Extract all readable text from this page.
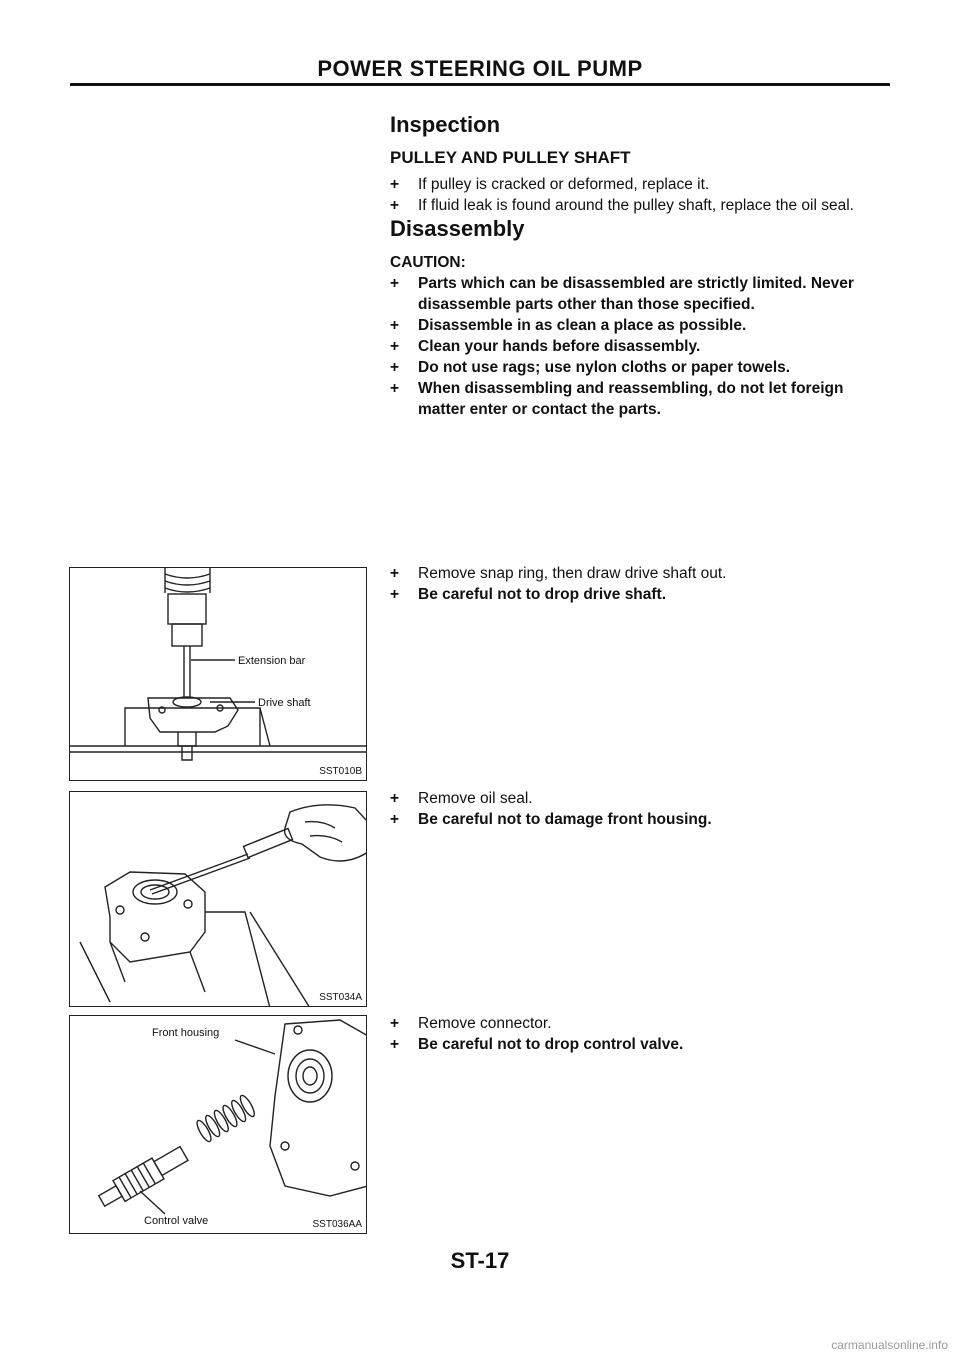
POWER STEERING OIL PUMP
Inspection
PULLEY AND PULLEY SHAFT
+	If pulley is cracked or deformed, replace it.
+	If fluid leak is found around the pulley shaft, replace the oil seal.
Disassembly
CAUTION:
+	Parts which can be disassembled are strictly limited. Never disassemble parts other than those specified.
+	Disassemble in as clean a place as possible.
+	Clean your hands before disassembly.
+	Do not use rags; use nylon cloths or paper towels.
+	When disassembling and reassembling, do not let foreign matter enter or contact the parts.
Extension bar
Drive shaft
SST010B
+	Remove snap ring, then draw drive shaft out.
+	Be careful not to drop drive shaft.
SST034A
+	Remove oil seal.
+	Be careful not to damage front housing.
Front housing
Control valve	SST036AA
+	Remove connector.
+	Be careful not to drop control valve.
ST-17
carmanualsonline.info
